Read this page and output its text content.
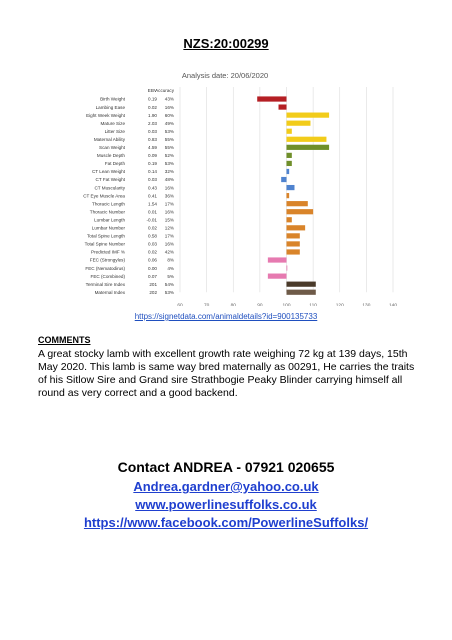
NZS:20:00299
Analysis date: 20/06/2020
EBV
Accuracy
Birth Weight	0.19 43%
Lambing Ease	0.02 16%
Eight Week Weight	1.90 60%
Mature Size	2.03 49%
Litter Size	0.03 53%
Maternal Ability	0.83 55%
Scan Weight	4.59 55%
Muscle Depth	0.09 52%
Fat Depth	0.19 53%
CT Lean Weight	0.14 32%
CT Fat Weight	0.03 48%
CT Muscularity	0.43 16%
CT Eye Muscle Area	0.41 36%
Thoracic Length	1.54 17%
Thoracic Number	0.01 16%
Lumbar Length	-0.01 15%
Lumbar Number	0.02 12%
Total Spine Length	0.58 17%
Total Spine Number	0.03 16%
Predicted IMF %	0.02 42%
FEC (Strongyles)	0.06 8%
FEC (Nematodirus)	0.00 4%
FEC (Combined)	0.07 5%
Terminal Sire Index	201 54%
Maternal Index	202 53%
60	70	80	90	100	110	120	130	140
https://signetdata.com/animaldetails?id=900135733
COMMENTS
A great stocky lamb with excellent growth rate weighing 72 kg at 139 days, 15th May 2020. This lamb is same way bred maternally as 00291, He carries the traits of his Sitlow Sire and Grand sire Strathbogie Peaky Blinder carrying himself all round as very correct and a good backend.
Contact ANDREA - 07921 020655
Andrea.gardner@yahoo.co.uk
www.powerlinesuffolks.co.uk
https://www.facebook.com/PowerlineSuffolks/
